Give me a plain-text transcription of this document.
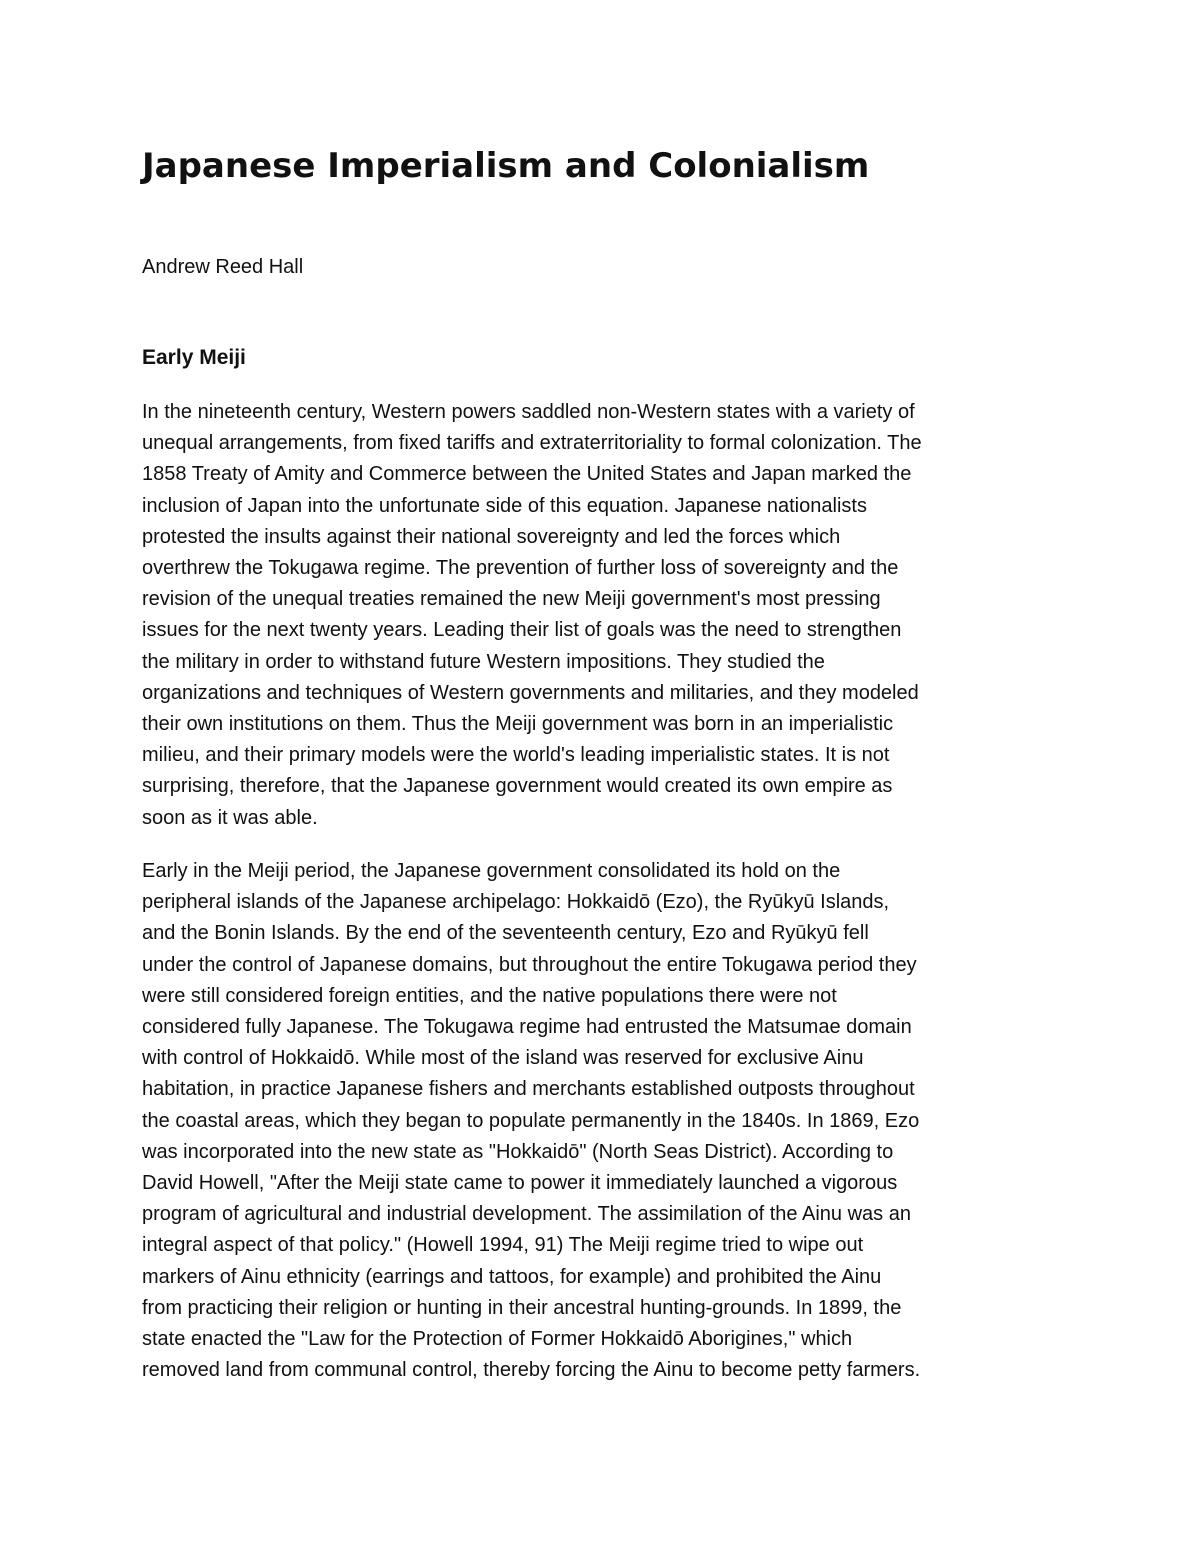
Japanese Imperialism and Colonialism
Andrew Reed Hall
Early Meiji
In the nineteenth century, Western powers saddled non-Western states with a variety of
unequal arrangements, from fixed tariffs and extraterritoriality to formal colonization. The
1858 Treaty of Amity and Commerce between the United States and Japan marked the
inclusion of Japan into the unfortunate side of this equation. Japanese nationalists
protested the insults against their national sovereignty and led the forces which
overthrew the Tokugawa regime. The prevention of further loss of sovereignty and the
revision of the unequal treaties remained the new Meiji government's most pressing
issues for the next twenty years. Leading their list of goals was the need to strengthen
the military in order to withstand future Western impositions. They studied the
organizations and techniques of Western governments and militaries, and they modeled
their own institutions on them. Thus the Meiji government was born in an imperialistic
milieu, and their primary models were the world's leading imperialistic states. It is not
surprising, therefore, that the Japanese government would created its own empire as
soon as it was able.
Early in the Meiji period, the Japanese government consolidated its hold on the
peripheral islands of the Japanese archipelago: Hokkaidō (Ezo), the Ryūkyū Islands,
and the Bonin Islands. By the end of the seventeenth century, Ezo and Ryūkyū fell
under the control of Japanese domains, but throughout the entire Tokugawa period they
were still considered foreign entities, and the native populations there were not
considered fully Japanese. The Tokugawa regime had entrusted the Matsumae domain
with control of Hokkaidō. While most of the island was reserved for exclusive Ainu
habitation, in practice Japanese fishers and merchants established outposts throughout
the coastal areas, which they began to populate permanently in the 1840s. In 1869, Ezo
was incorporated into the new state as "Hokkaidō" (North Seas District). According to
David Howell, "After the Meiji state came to power it immediately launched a vigorous
program of agricultural and industrial development. The assimilation of the Ainu was an
integral aspect of that policy." (Howell 1994, 91) The Meiji regime tried to wipe out
markers of Ainu ethnicity (earrings and tattoos, for example) and prohibited the Ainu
from practicing their religion or hunting in their ancestral hunting-grounds. In 1899, the
state enacted the "Law for the Protection of Former Hokkaidō Aborigines," which
removed land from communal control, thereby forcing the Ainu to become petty farmers.
